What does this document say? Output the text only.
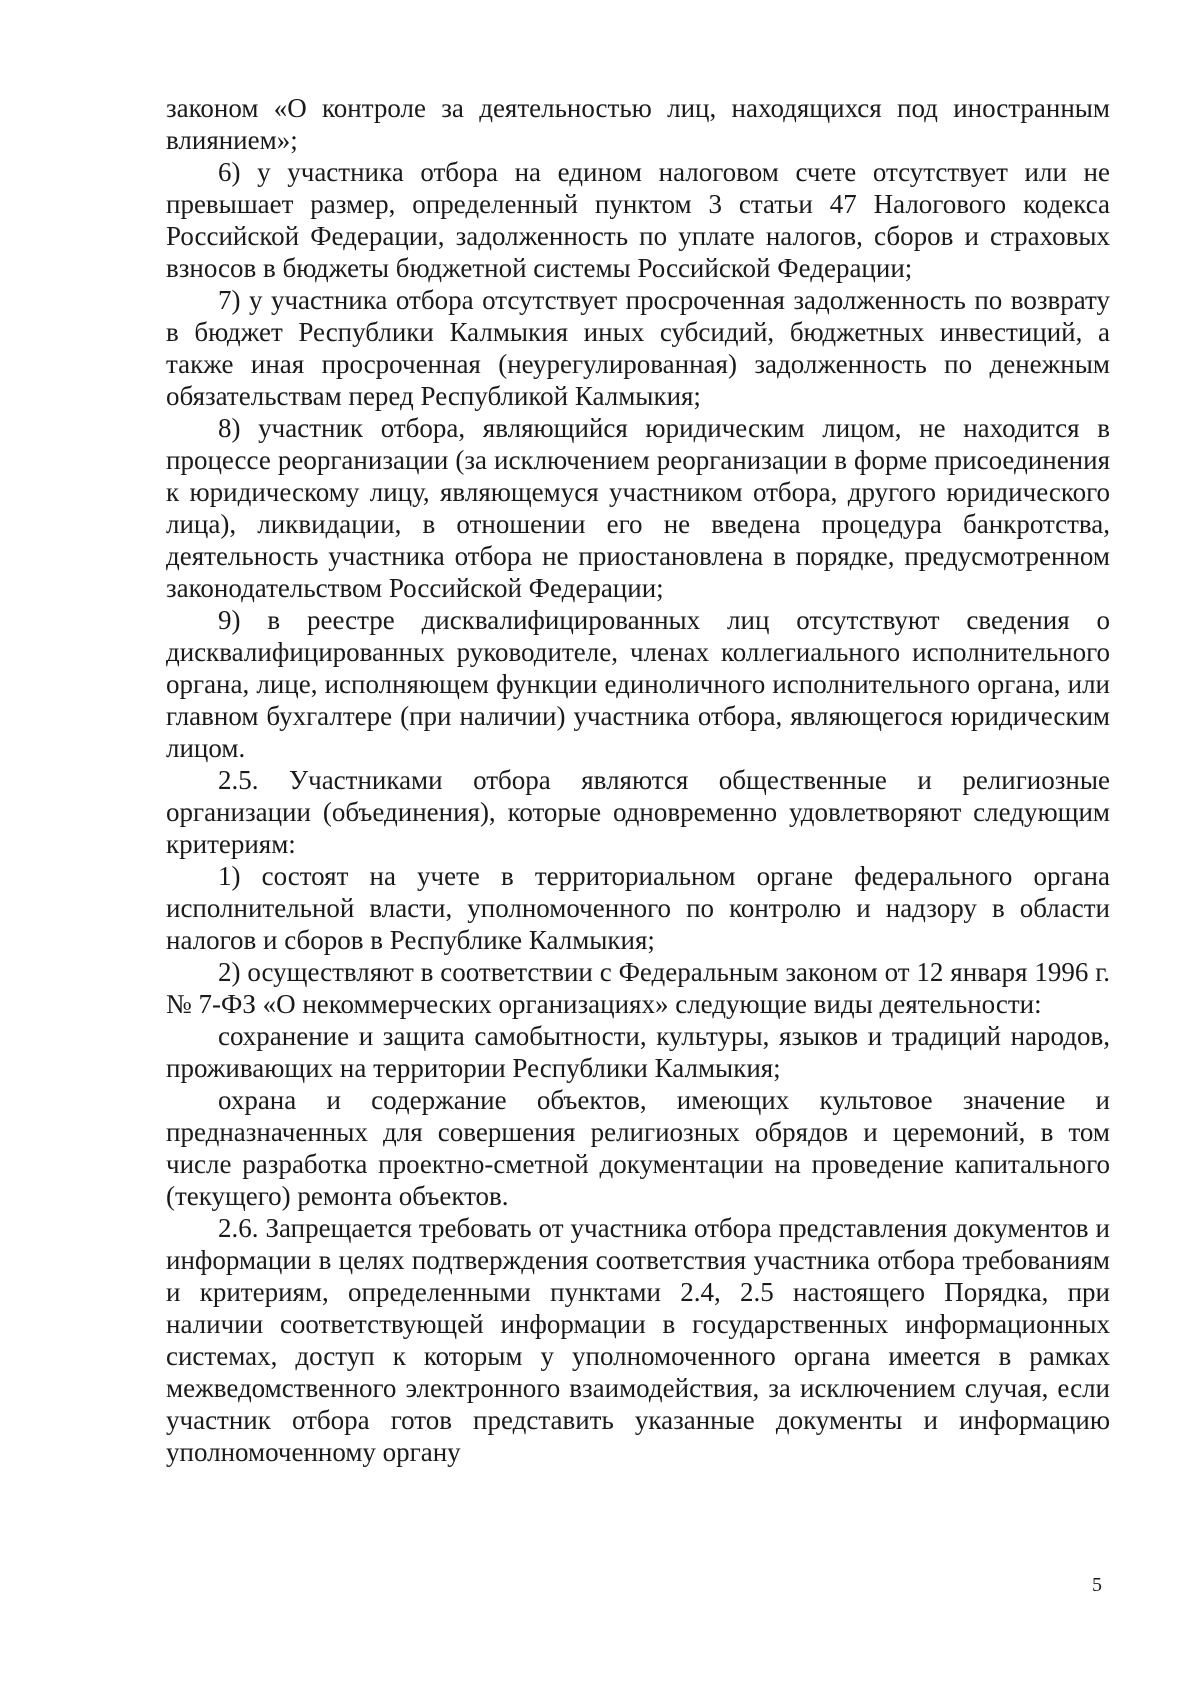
законом «О контроле за деятельностью лиц, находящихся под иностранным влиянием»;

6) у участника отбора на едином налоговом счете отсутствует или не превышает размер, определенный пунктом 3 статьи 47 Налогового кодекса Российской Федерации, задолженность по уплате налогов, сборов и страховых взносов в бюджеты бюджетной системы Российской Федерации;

7) у участника отбора отсутствует просроченная задолженность по возврату в бюджет Республики Калмыкия иных субсидий, бюджетных инвестиций, а также иная просроченная (неурегулированная) задолженность по денежным обязательствам перед Республикой Калмыкия;

8) участник отбора, являющийся юридическим лицом, не находится в процессе реорганизации (за исключением реорганизации в форме присоединения к юридическому лицу, являющемуся участником отбора, другого юридического лица), ликвидации, в отношении его не введена процедура банкротства, деятельность участника отбора не приостановлена в порядке, предусмотренном законодательством Российской Федерации;

9) в реестре дисквалифицированных лиц отсутствуют сведения о дисквалифицированных руководителе, членах коллегиального исполнительного органа, лице, исполняющем функции единоличного исполнительного органа, или главном бухгалтере (при наличии) участника отбора, являющегося юридическим лицом.

2.5. Участниками отбора являются общественные и религиозные организации (объединения), которые одновременно удовлетворяют следующим критериям:

1) состоят на учете в территориальном органе федерального органа исполнительной власти, уполномоченного по контролю и надзору в области налогов и сборов в Республике Калмыкия;

2) осуществляют в соответствии с Федеральным законом от 12 января 1996 г. № 7-ФЗ «О некоммерческих организациях» следующие виды деятельности:

сохранение и защита самобытности, культуры, языков и традиций народов, проживающих на территории Республики Калмыкия;

охрана и содержание объектов, имеющих культовое значение и предназначенных для совершения религиозных обрядов и церемоний, в том числе разработка проектно-сметной документации на проведение капитального (текущего) ремонта объектов.

2.6. Запрещается требовать от участника отбора представления документов и информации в целях подтверждения соответствия участника отбора требованиям и критериям, определенными пунктами 2.4, 2.5 настоящего Порядка, при наличии соответствующей информации в государственных информационных системах, доступ к которым у уполномоченного органа имеется в рамках межведомственного электронного взаимодействия, за исключением случая, если участник отбора готов представить указанные документы и информацию уполномоченному органу

5
